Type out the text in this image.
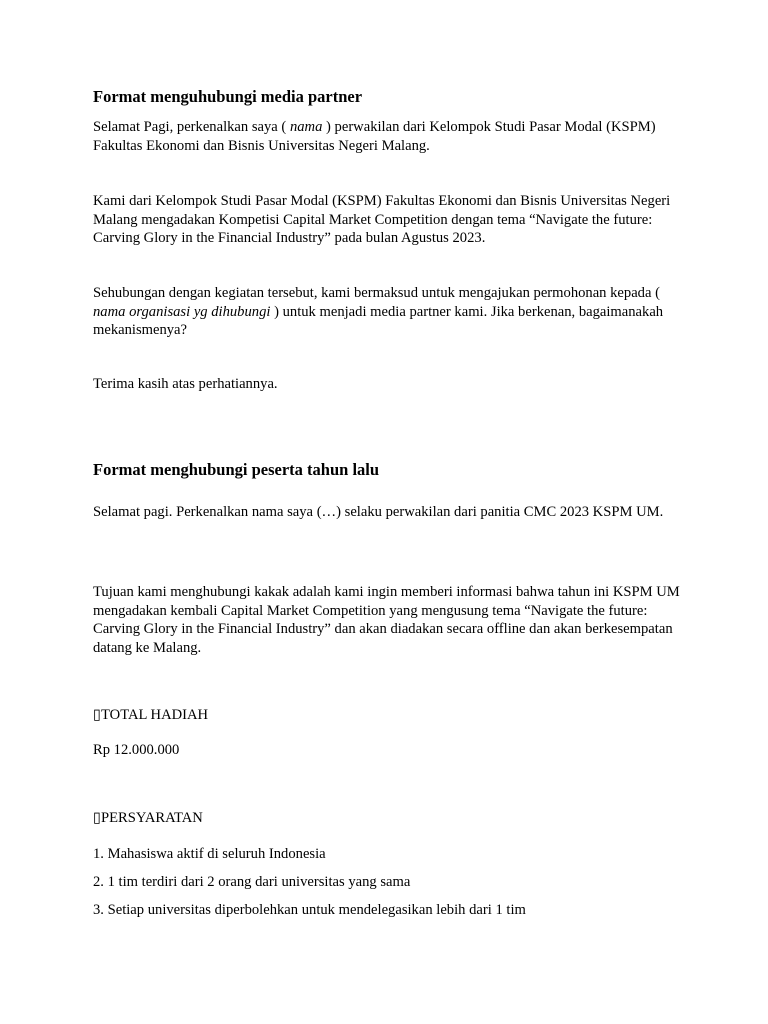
Format menguhubungi media partner

Selamat Pagi, perkenalkan saya ( nama ) perwakilan dari Kelompok Studi Pasar Modal (KSPM) Fakultas Ekonomi dan Bisnis Universitas Negeri Malang.

Kami dari Kelompok Studi Pasar Modal (KSPM) Fakultas Ekonomi dan Bisnis Universitas Negeri Malang mengadakan Kompetisi Capital Market Competition dengan tema “Navigate the future: Carving Glory in the Financial Industry” pada bulan Agustus 2023.

Sehubungan dengan kegiatan tersebut, kami bermaksud untuk mengajukan permohonan kepada ( nama organisasi yg dihubungi ) untuk menjadi media partner kami. Jika berkenan, bagaimanakah mekanismenya?

Terima kasih atas perhatiannya.

Format menghubungi peserta tahun lalu

Selamat pagi. Perkenalkan nama saya (…) selaku perwakilan dari panitia CMC 2023 KSPM UM.

Tujuan kami menghubungi kakak adalah kami ingin memberi informasi bahwa tahun ini KSPM UM mengadakan kembali Capital Market Competition yang mengusung tema “Navigate the future: Carving Glory in the Financial Industry” dan akan diadakan secara offline dan akan berkesempatan datang ke Malang.

▯TOTAL HADIAH

Rp 12.000.000

▯PERSYARATAN

1. Mahasiswa aktif di seluruh Indonesia

2. 1 tim terdiri dari 2 orang dari universitas yang sama

3. Setiap universitas diperbolehkan untuk mendelegasikan lebih dari 1 tim
